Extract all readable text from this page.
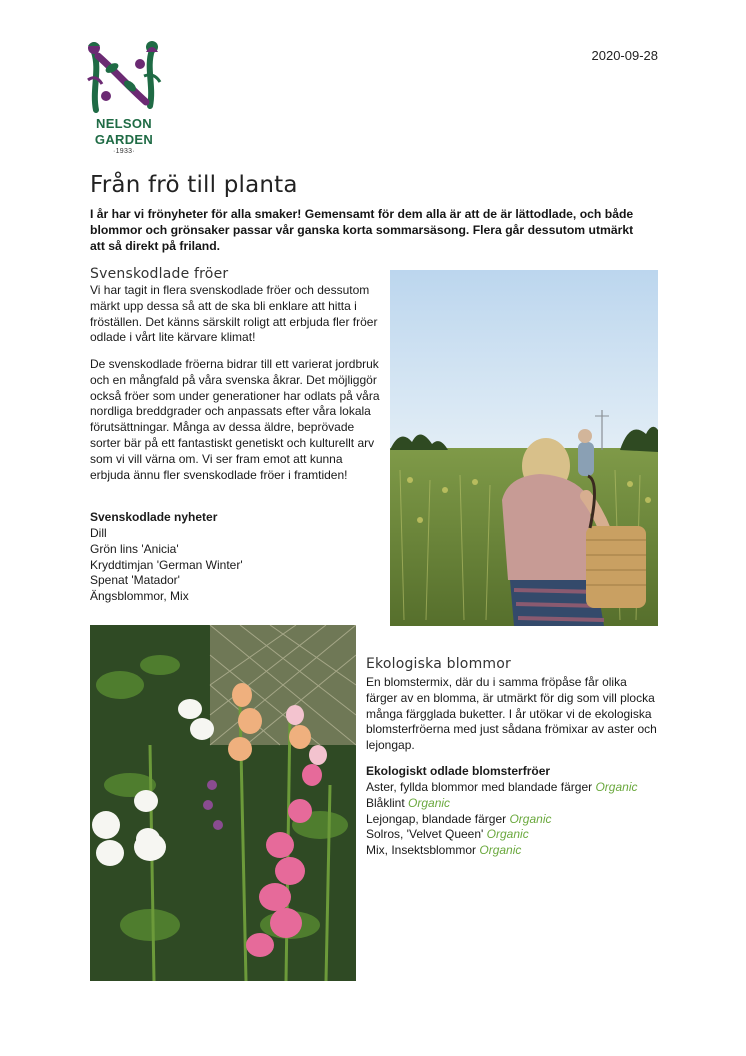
NELSON
GARDEN
·1933·
2020-09-28
Från frö till planta
I år har vi frönyheter för alla smaker! Gemensamt för dem alla är att de är lättodlade, och både blommor och grönsaker passar vår ganska korta sommarsäsong. Flera går dessutom utmärkt att så direkt på friland.
Svenskodlade fröer
Vi har tagit in flera svenskodlade fröer och dessutom märkt upp dessa så att de ska bli enklare att hitta i fröställen. Det känns särskilt roligt att erbjuda fler fröer odlade i vårt lite kärvare klimat!
De svenskodlade fröerna bidrar till ett varierat jordbruk och en mångfald på våra svenska åkrar. Det möjliggör också fröer som under generationer har odlats på våra nordliga breddgrader och anpassats efter våra lokala förutsättningar. Många av dessa äldre, beprövade sorter bär på ett fantastiskt genetiskt och kulturellt arv som vi vill värna om. Vi ser fram emot att kunna erbjuda ännu fler svenskodlade fröer i framtiden!
Svenskodlade nyheter
Dill
Grön lins 'Anicia'
Kryddtimjan 'German Winter'
Spenat 'Matador'
Ängsblommor, Mix
Ekologiska blommor
En blomstermix, där du i samma fröpåse får olika färger av en blomma, är utmärkt för dig som vill plocka många färgglada buketter. I år utökar vi de ekologiska blomsterfröerna med just sådana frömixar av aster och lejongap.
Ekologiskt odlade blomsterfröer
Aster, fyllda blommor med blandade färger Organic
Blåklint Organic
Lejongap, blandade färger Organic
Solros, 'Velvet Queen' Organic
Mix, Insektsblommor Organic
